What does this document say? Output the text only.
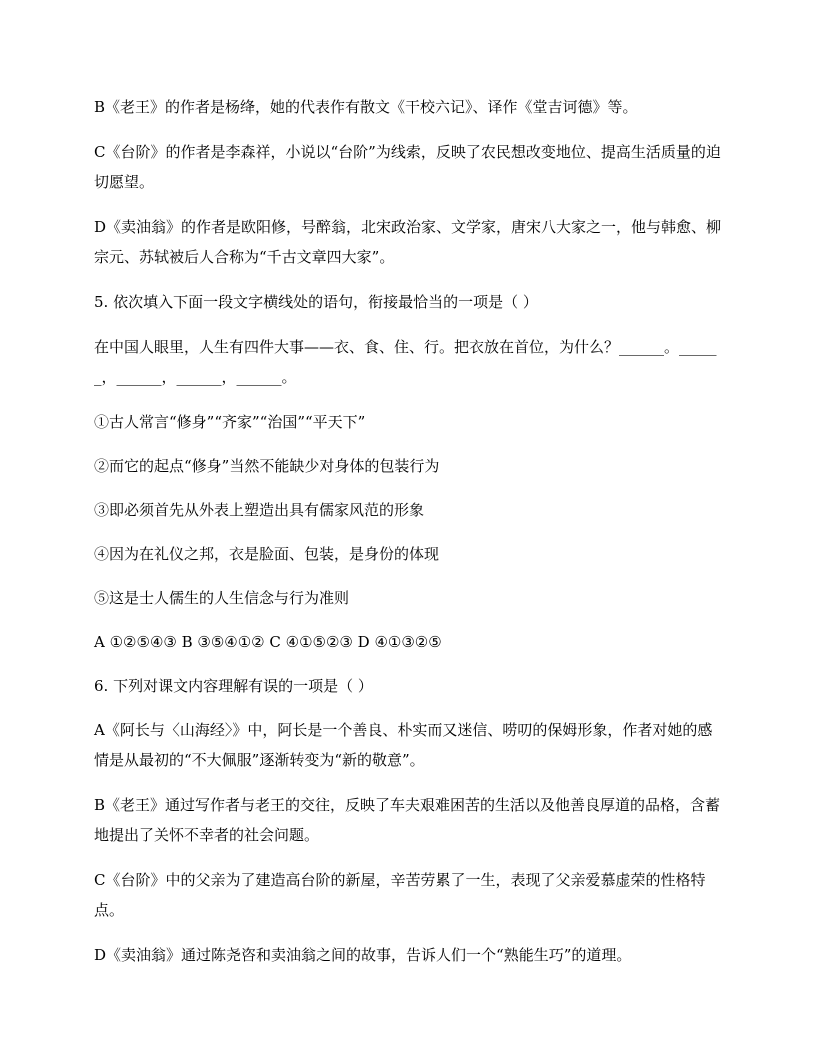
B《老王》的作者是杨绛，她的代表作有散文《干校六记》、译作《堂吉诃德》等。

C《台阶》的作者是李森祥，小说以“台阶”为线索，反映了农民想改变地位、提高生活质量的迫切愿望。

D《卖油翁》的作者是欧阳修，号醉翁，北宋政治家、文学家，唐宋八大家之一，他与韩愈、柳宗元、苏轼被后人合称为“千古文章四大家”。

5. 依次填入下面一段文字横线处的语句，衔接最恰当的一项是（ ）

在中国人眼里，人生有四件大事——衣、食、住、行。把衣放在首位，为什么？______。______，______，______，______。

①古人常言“修身”“齐家”“治国”“平天下”

②而它的起点“修身”当然不能缺少对身体的包装行为

③即必须首先从外表上塑造出具有儒家风范的形象

④因为在礼仪之邦，衣是脸面、包装，是身份的体现

⑤这是士人儒生的人生信念与行为准则

A ①②⑤④③ B ③⑤④①② C ④①⑤②③ D ④①③②⑤

6. 下列对课文内容理解有误的一项是（ ）

A《阿长与〈山海经〉》中，阿长是一个善良、朴实而又迷信、唠叨的保姆形象，作者对她的感情是从最初的“不大佩服”逐渐转变为“新的敬意”。

B《老王》通过写作者与老王的交往，反映了车夫艰难困苦的生活以及他善良厚道的品格，含蓄地提出了关怀不幸者的社会问题。

C《台阶》中的父亲为了建造高台阶的新屋，辛苦劳累了一生，表现了父亲爱慕虚荣的性格特点。

D《卖油翁》通过陈尧咨和卖油翁之间的故事，告诉人们一个“熟能生巧”的道理。
